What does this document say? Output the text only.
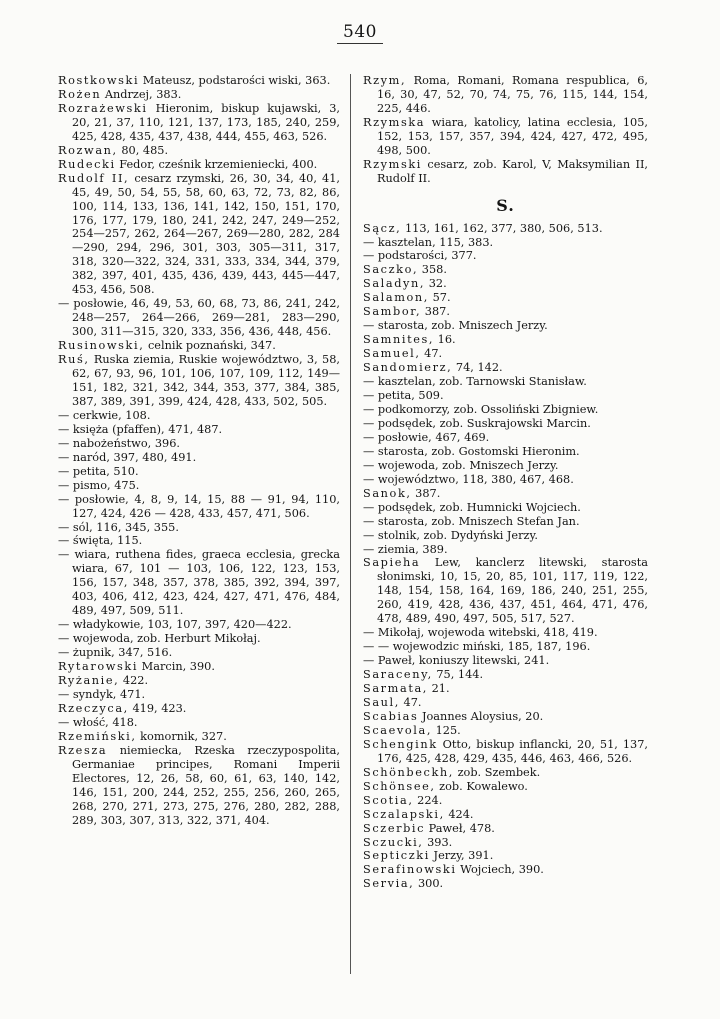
540

Rostkowski Mateusz, podstarości wiski, 363.

Rożen Andrzej, 383.

Rozrażewski Hieronim, biskup kujawski, 3, 20, 21, 37, 110, 121, 137, 173, 185, 240, 259, 425, 428, 435, 437, 438, 444, 455, 463, 526.

Rozwan, 80, 485.

Rudecki Fedor, cześnik krzemieniecki, 400.

Rudolf II, cesarz rzymski, 26, 30, 34, 40, 41, 45, 49, 50, 54, 55, 58, 60, 63, 72, 73, 82, 86, 100, 114, 133, 136, 141, 142, 150, 151, 170, 176, 177, 179, 180, 241, 242, 247, 249—252, 254—257, 262, 264—267, 269—280, 282, 284—290, 294, 296, 301, 303, 305—311, 317, 318, 320—322, 324, 331, 333, 334, 344, 379, 382, 397, 401, 435, 436, 439, 443, 445—447, 453, 456, 508.

— posłowie, 46, 49, 53, 60, 68, 73, 86, 241, 242, 248—257, 264—266, 269—281, 283—290, 300, 311—315, 320, 333, 356, 436, 448, 456.

Rusinowski, celnik poznański, 347.

Ruś, Ruska ziemia, Ruskie województwo, 3, 58, 62, 67, 93, 96, 101, 106, 107, 109, 112, 149—151, 182, 321, 342, 344, 353, 377, 384, 385, 387, 389, 391, 399, 424, 428, 433, 502, 505.

— cerkwie, 108.

— księża (pfaffen), 471, 487.

— nabożeństwo, 396.

— naród, 397, 480, 491.

— petita, 510.

— pismo, 475.

— posłowie, 4, 8, 9, 14, 15, 88 — 91, 94, 110, 127, 424, 426 — 428, 433, 457, 471, 506.

— sól, 116, 345, 355.

— święta, 115.

— wiara, ruthena fides, graeca ecclesia, greckа wiara, 67, 101 — 103, 106, 122, 123, 153, 156, 157, 348, 357, 378, 385, 392, 394, 397, 403, 406, 412, 423, 424, 427, 471, 476, 484, 489, 497, 509, 511.

— władykowie, 103, 107, 397, 420—422.

— wojewoda, zob. Herburt Mikołaj.

— żupnik, 347, 516.

Rytarowski Marcin, 390.

Ryżanie, 422.

— syndyk, 471.

Rzeczyca, 419, 423.

— włość, 418.

Rzemiński, komornik, 327.

Rzesza niemiecka, Rzeska rzeczypospolita, Germaniae principes, Romani Imperii Electores, 12, 26, 58, 60, 61, 63, 140, 142, 146, 151, 200, 244, 252, 255, 256, 260, 265, 268, 270, 271, 273, 275, 276, 280, 282, 288, 289, 303, 307, 313, 322, 371, 404.

Rzym, Roma, Romani, Romana respublica, 6, 16, 30, 47, 52, 70, 74, 75, 76, 115, 144, 154, 225, 446.

Rzymska wiara, katolicy, latina ecclesia, 105, 152, 153, 157, 357, 394, 424, 427, 472, 495, 498, 500.

Rzymski cesarz, zob. Karol, V, Maksymilian II, Rudolf II.

S.

Sącz, 113, 161, 162, 377, 380, 506, 513.

— kasztelan, 115, 383.

— podstarości, 377.

Saczko, 358.

Saladyn, 32.

Salamon, 57.

Sambor, 387.

— starosta, zob. Mniszech Jerzy.

Samnites, 16.

Samuel, 47.

Sandomierz, 74, 142.

— kasztelan, zob. Tarnowski Stanisław.

— petita, 509.

— podkomorzy, zob. Ossoliński Zbigniew.

— podsędek, zob. Suskrajowski Marcin.

— posłowie, 467, 469.

— starosta, zob. Gostomski Hieronim.

— wojewoda, zob. Mniszech Jerzy.

— województwo, 118, 380, 467, 468.

Sanok, 387.

— podsędek, zob. Humnicki Wojciech.

— starosta, zob. Mniszech Stefan Jan.

— stolnik, zob. Dydyński Jerzy.

— ziemia, 389.

Sapieha Lew, kanclerz litewski, starosta słonimski, 10, 15, 20, 85, 101, 117, 119, 122, 148, 154, 158, 164, 169, 186, 240, 251, 255, 260, 419, 428, 436, 437, 451, 464, 471, 476, 478, 489, 490, 497, 505, 517, 527.

— Mikołaj, wojewoda witebski, 418, 419.

— — wojewodzic miński, 185, 187, 196.

— Paweł, koniuszy litewski, 241.

Saraceny, 75, 144.

Sarmata, 21.

Saul, 47.

Scabias Joannes Aloysius, 20.

Scaevola, 125.

Schengink Otto, biskup inflancki, 20, 51, 137, 176, 425, 428, 429, 435, 446, 463, 466, 526.

Schönbeckh, zob. Szembek.

Schönsee, zob. Kowalewo.

Scotia, 224.

Sczalapski, 424.

Sczerbic Paweł, 478.

Sczucki, 393.

Septiczki Jerzy, 391.

Serafinowski Wojciech, 390.

Servia, 300.
